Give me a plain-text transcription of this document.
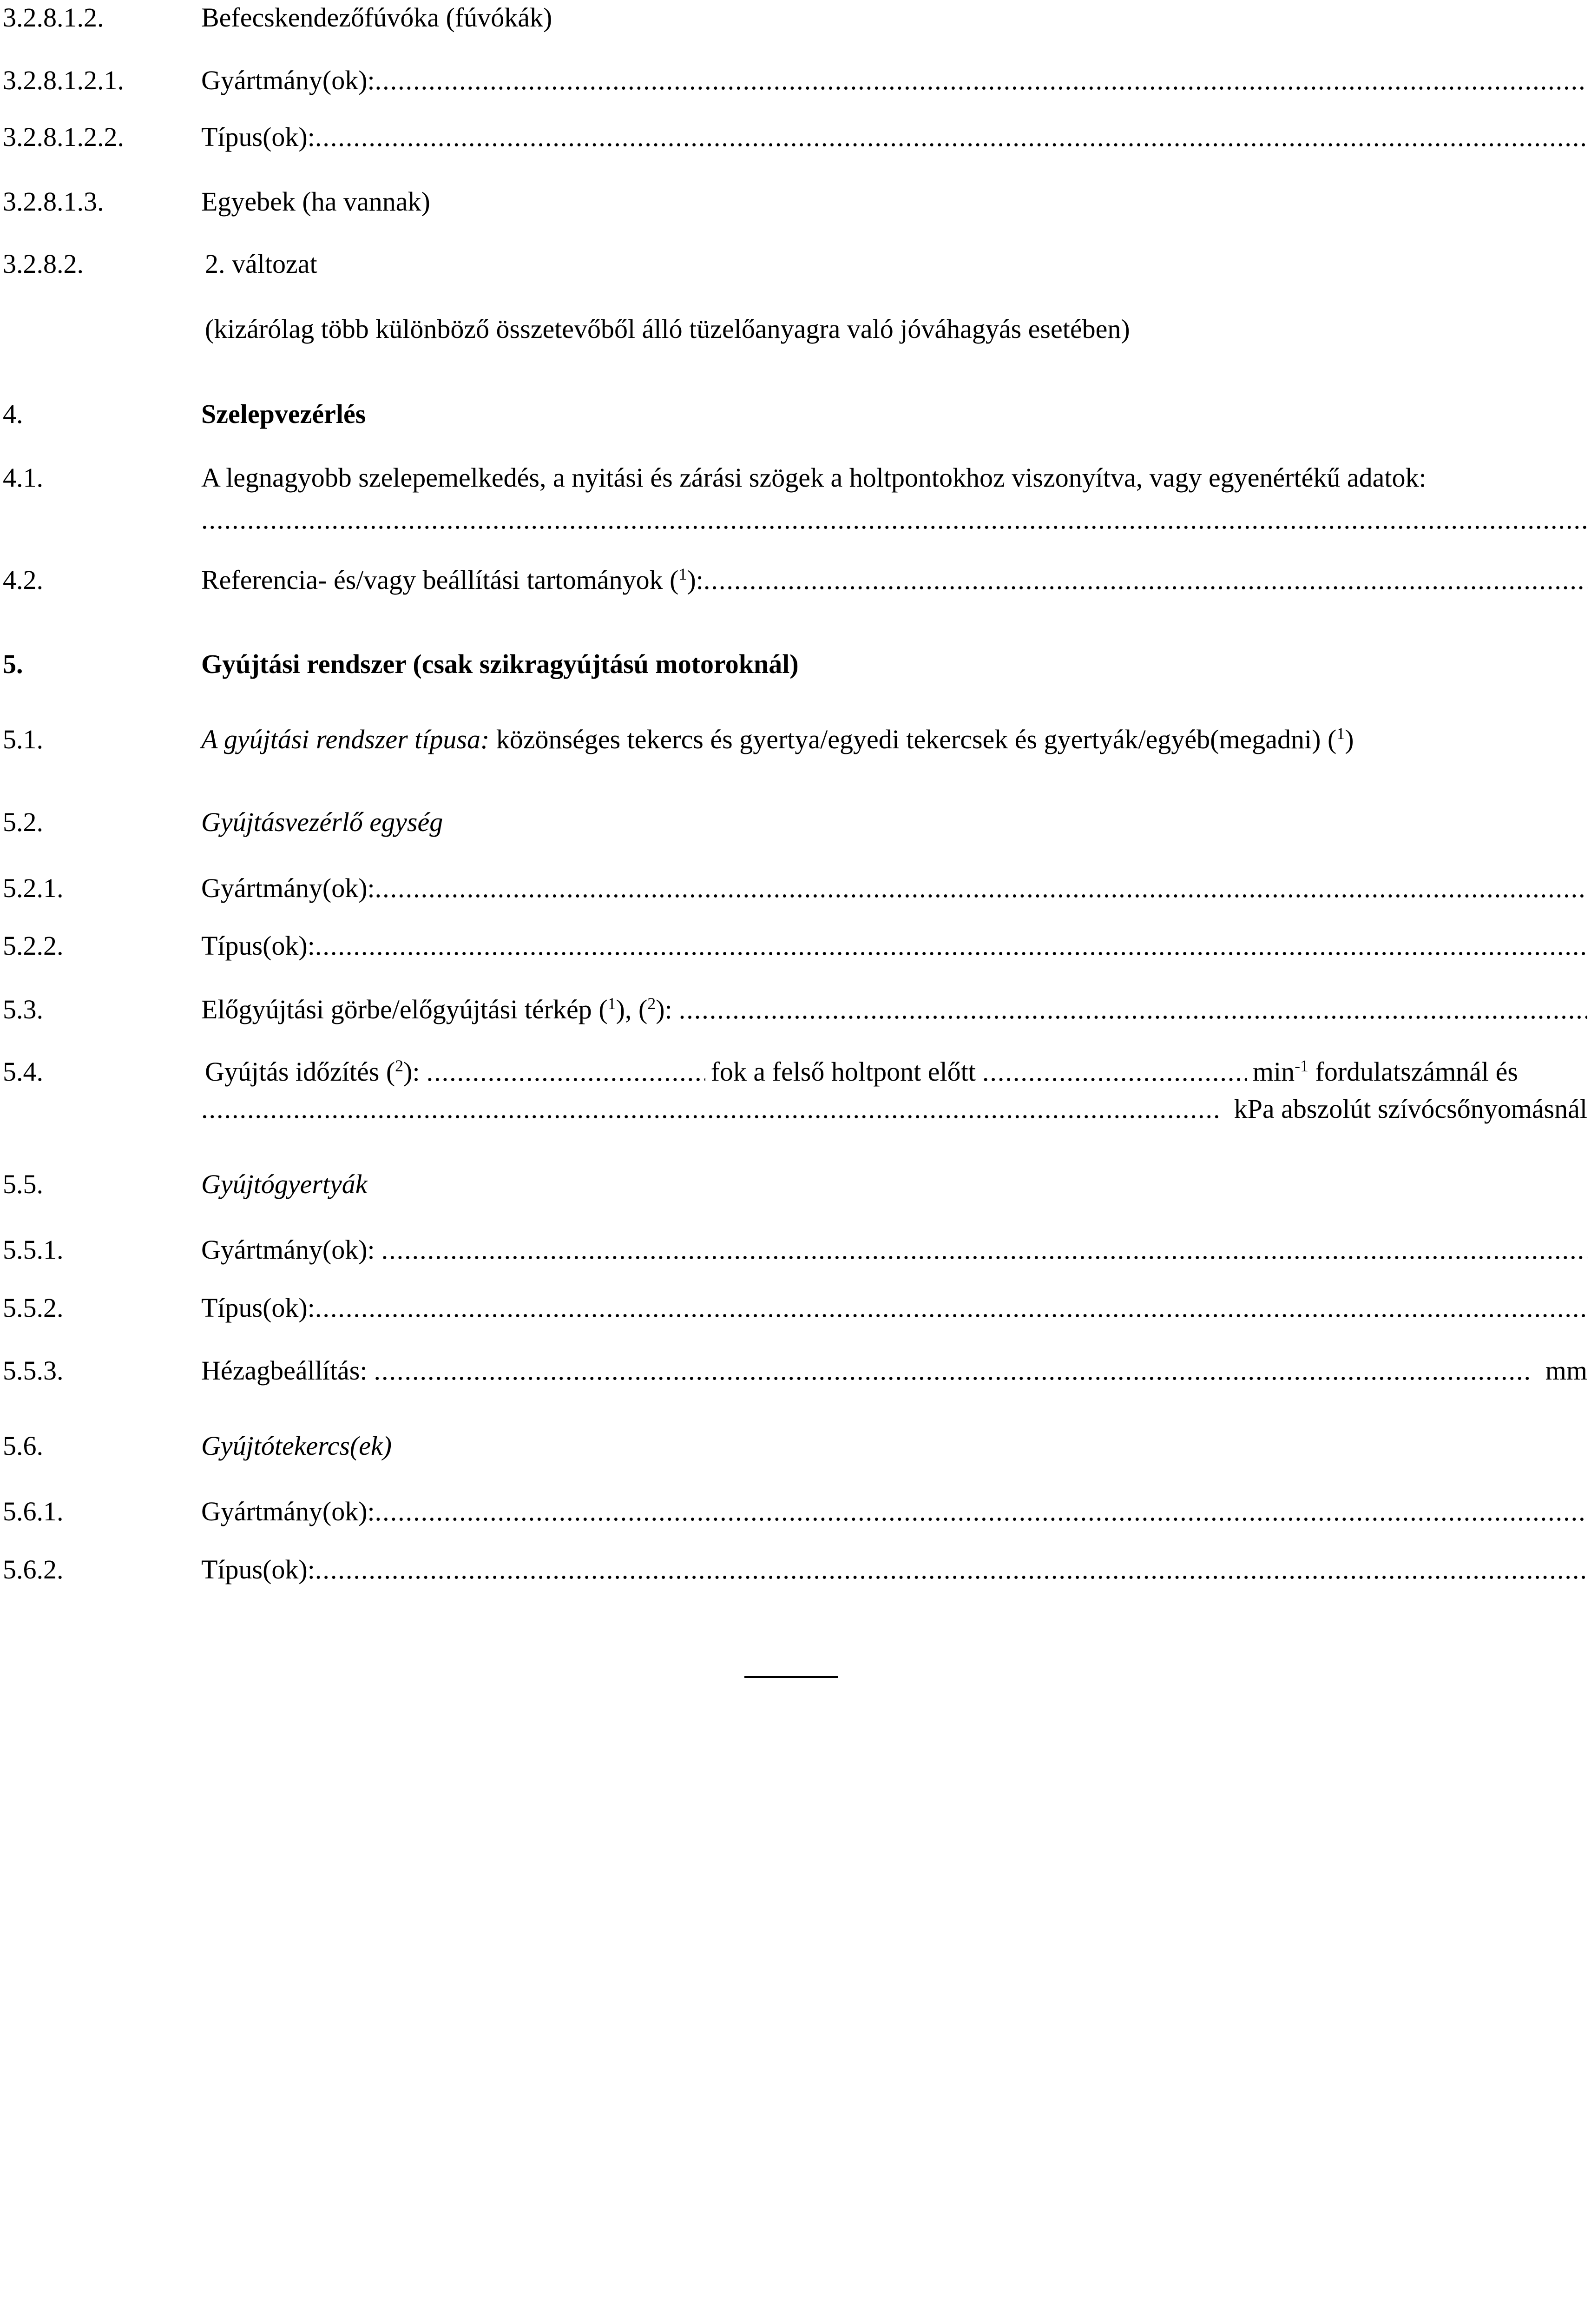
3.2.8.1.2.	Befecskendezőfúvóka (fúvókák)
3.2.8.1.2.1.	Gyártmány(ok):
.....
3.2.8.1.2.2.	Típus(ok):
.....
3.2.8.1.3.	Egyebek (ha vannak)
3.2.8.2.	2. változat
(kizárólag több különböző összetevőből álló tüzelőanyagra való jóváhagyás esetében)
4.	Szelepvezérlés
4.1.	A legnagyobb szelepemelkedés, a nyitási és zárási szögek a holtpontokhoz viszonyítva, vagy egyenértékű adatok:
.....
4.2.	Referencia- és/vagy beállítási tartományok ($^1$):
.....
5.	Gyújtási rendszer (csak szikragyújtású motoroknál)
5.1.	A gyújtási rendszer típusa: közönséges tekercs és gyertya/egyedi tekercsek és gyertyák/egyéb(megadni) ($^1$)
5.2.	Gyújtásvezérlő egység
5.2.1.	Gyártmány(ok):
.....
5.2.2.	Típus(ok):
.....
5.3.	Előgyújtási görbe/előgyújtási térkép ($^1$), ($^2$):
.....
5.4.	Gyújtás időzítés ($^2$): .....	fok a felső holtpont előtt .....	$\min^{-1}$ fordulatszámnál és
.....
kPa abszolút szívócsőnyomásnál
5.5.	Gyújtógyertyák
5.5.1.	Gyártmány(ok):
.....
5.5.2.	Típus(ok):
.....
5.5.3.	Hézagbeállítás: .....	mm
5.6.	Gyújtótekercs(ek)
5.6.1.	Gyártmány(ok):
.....
5.6.2.	Típus(ok):
.....
